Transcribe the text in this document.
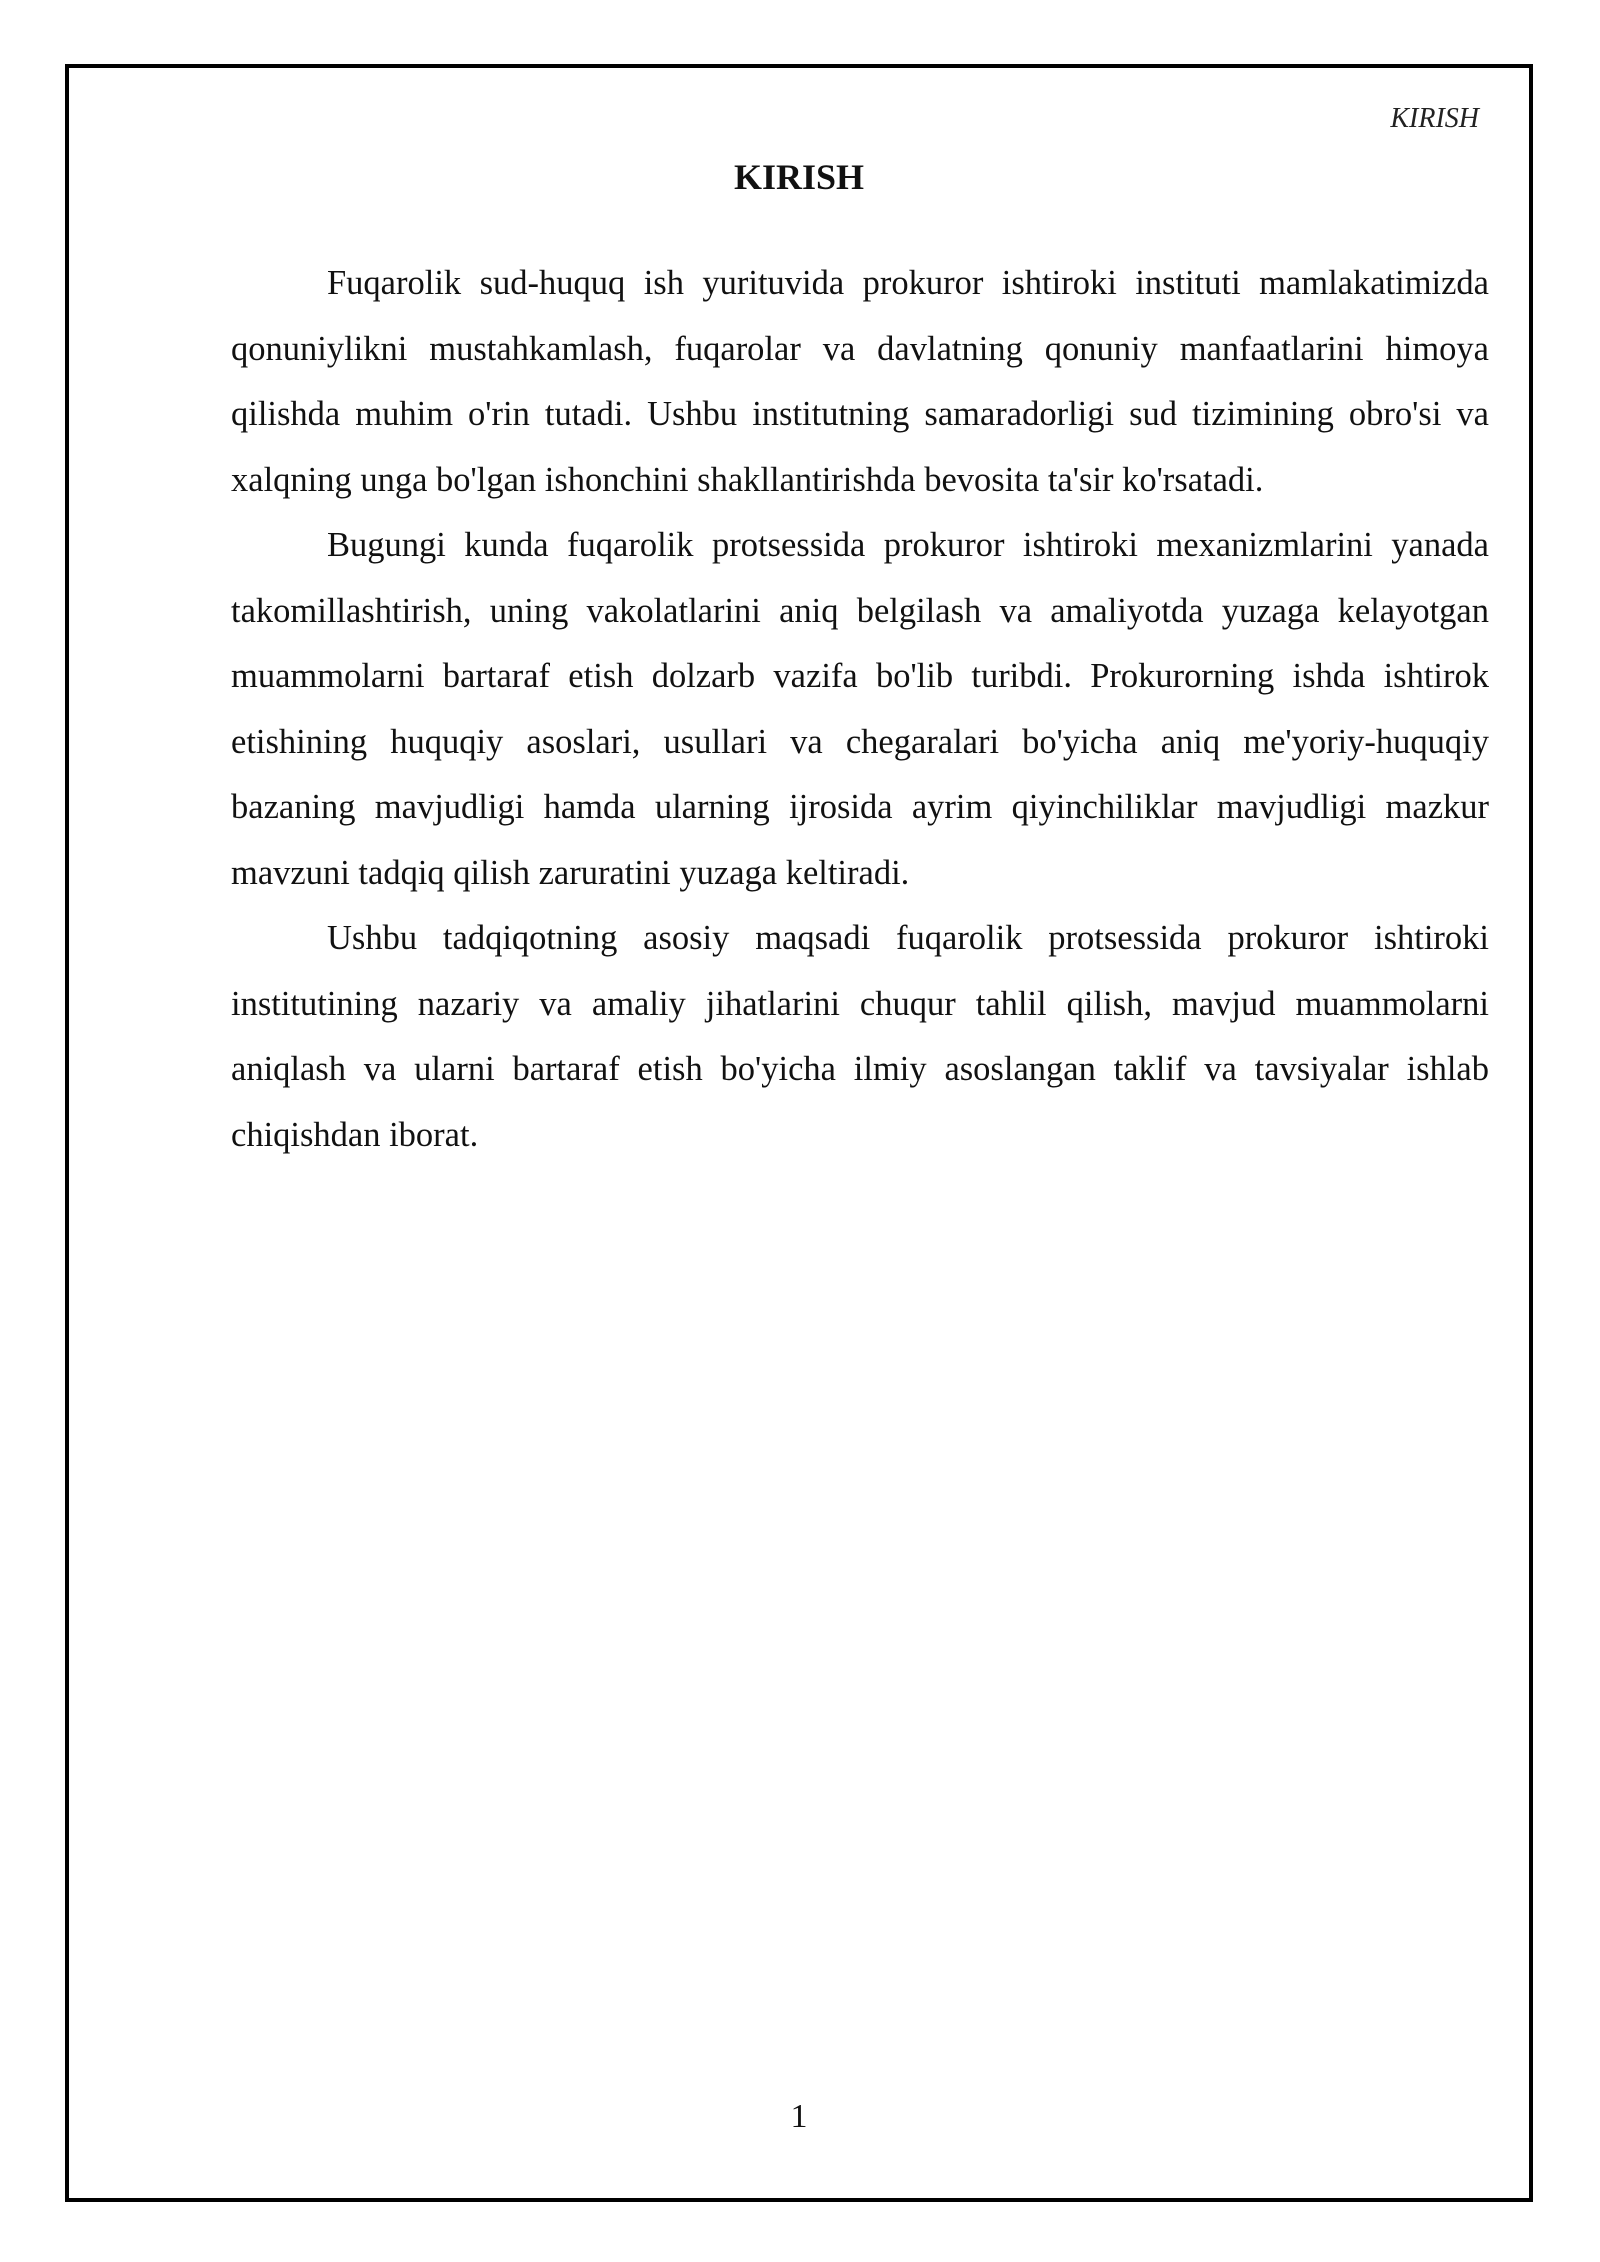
KIRISH
KIRISH

Fuqarolik sud-huquq ish yurituvida prokuror ishtiroki instituti mamlakatimizda qonuniylikni mustahkamlash, fuqarolar va davlatning qonuniy manfaatlarini himoya qilishda muhim o'rin tutadi. Ushbu institutning samaradorligi sud tizimining obro'si va xalqning unga bo'lgan ishonchini shakllantirishda bevosita ta'sir ko'rsatadi.

Bugungi kunda fuqarolik protsessida prokuror ishtiroki mexanizmlarini yanada takomillashtirish, uning vakolatlarini aniq belgilash va amaliyotda yuzaga kelayotgan muammolarni bartaraf etish dolzarb vazifa bo'lib turibdi. Prokurorning ishda ishtirok etishining huquqiy asoslari, usullari va chegaralari bo'yicha aniq me'yoriy-huquqiy bazaning mavjudligi hamda ularning ijrosida ayrim qiyinchiliklar mavjudligi mazkur mavzuni tadqiq qilish zaruratini yuzaga keltiradi.

Ushbu tadqiqotning asosiy maqsadi fuqarolik protsessida prokuror ishtiroki institutining nazariy va amaliy jihatlarini chuqur tahlil qilish, mavjud muammolarni aniqlash va ularni bartaraf etish bo'yicha ilmiy asoslangan taklif va tavsiyalar ishlab chiqishdan iborat.

1
